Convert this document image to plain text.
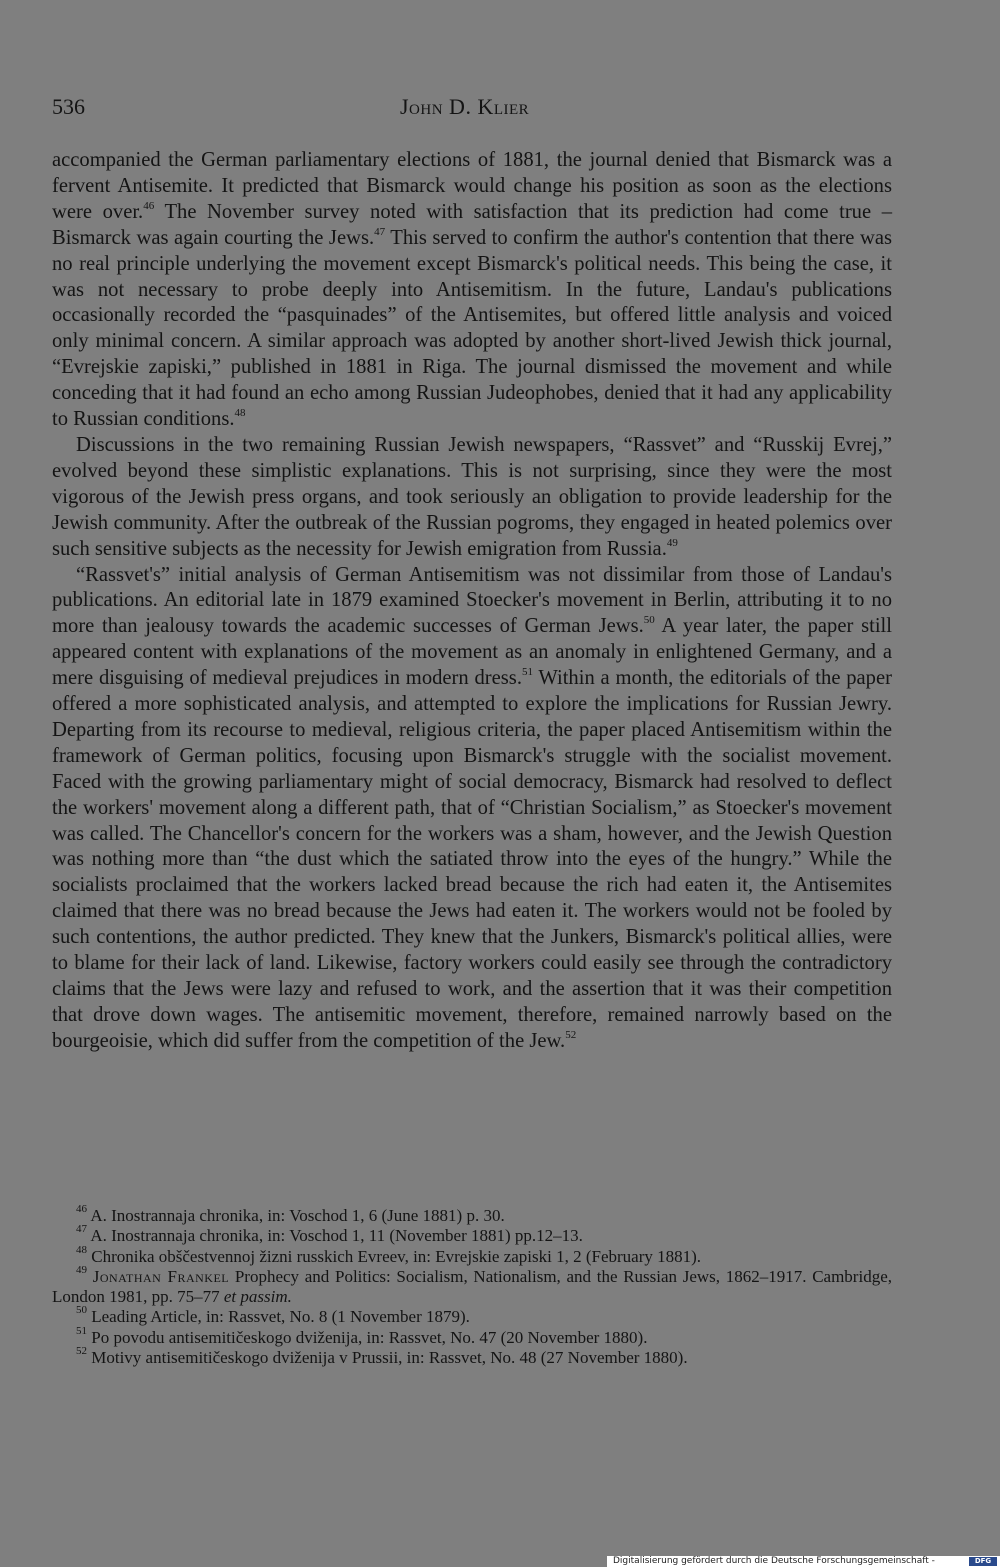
536	John D. Klier

accompanied the German parliamentary elections of 1881, the journal denied that Bismarck was a fervent Antisemite. It predicted that Bismarck would change his position as soon as the elections were over.$^{46}$ The November survey noted with satisfaction that its prediction had come true – Bismarck was again courting the Jews.$^{47}$ This served to confirm the author's contention that there was no real principle underlying the movement except Bismarck's political needs. This being the case, it was not necessary to probe deeply into Antisemitism. In the future, Landau's publications occasionally recorded the “pasquinades” of the Antisemites, but offered little analysis and voiced only minimal concern. A similar approach was adopted by another short-lived Jewish thick journal, “Evrejskie zapiski,” published in 1881 in Riga. The journal dismissed the movement and while conceding that it had found an echo among Russian Judeophobes, denied that it had any applicability to Russian conditions.$^{48}$

Discussions in the two remaining Russian Jewish newspapers, “Rassvet” and “Russkij Evrej,” evolved beyond these simplistic explanations. This is not surprising, since they were the most vigorous of the Jewish press organs, and took seriously an obligation to provide leadership for the Jewish community. After the outbreak of the Russian pogroms, they engaged in heated polemics over such sensitive subjects as the necessity for Jewish emigration from Russia.$^{49}$

“Rassvet's” initial analysis of German Antisemitism was not dissimilar from those of Landau's publications. An editorial late in 1879 examined Stoecker's movement in Berlin, attributing it to no more than jealousy towards the academic successes of German Jews.$^{50}$ A year later, the paper still appeared content with explanations of the movement as an anomaly in enlightened Germany, and a mere disguising of medieval prejudices in modern dress.$^{51}$ Within a month, the editorials of the paper offered a more sophisticated analysis, and attempted to explore the implications for Russian Jewry. Departing from its recourse to medieval, religious criteria, the paper placed Antisemitism within the framework of German politics, focusing upon Bismarck's struggle with the socialist movement. Faced with the growing parliamentary might of social democracy, Bismarck had resolved to deflect the workers' movement along a different path, that of “Christian Socialism,” as Stoecker's movement was called. The Chancellor's concern for the workers was a sham, however, and the Jewish Question was nothing more than “the dust which the satiated throw into the eyes of the hungry.” While the socialists proclaimed that the workers lacked bread because the rich had eaten it, the Antisemites claimed that there was no bread because the Jews had eaten it. The workers would not be fooled by such contentions, the author predicted. They knew that the Junkers, Bismarck's political allies, were to blame for their lack of land. Likewise, factory workers could easily see through the contradictory claims that the Jews were lazy and refused to work, and the assertion that it was their competition that drove down wages. The antisemitic movement, therefore, remained narrowly based on the bourgeoisie, which did suffer from the competition of the Jew.$^{52}$

$^{46}$ A. Inostrannaja chronika, in: Voschod 1, 6 (June 1881) p. 30.

$^{47}$ A. Inostrannaja chronika, in: Voschod 1, 11 (November 1881) pp.12–13.

$^{48}$ Chronika obščestvennoj žizni russkich Evreev, in: Evrejskie zapiski 1, 2 (February 1881).

$^{49}$ Jonathan Frankel Prophecy and Politics: Socialism, Nationalism, and the Russian Jews, 1862–1917. Cambridge, London 1981, pp. 75–77 et passim.

$^{50}$ Leading Article, in: Rassvet, No. 8 (1 November 1879).

$^{51}$ Po povodu antisemitičeskogo dviženija, in: Rassvet, No. 47 (20 November 1880).

$^{52}$ Motivy antisemitičeskogo dviženija v Prussii, in: Rassvet, No. 48 (27 November 1880).

Digitalisierung gefördert durch die Deutsche Forschungsgemeinschaft -	DFG
